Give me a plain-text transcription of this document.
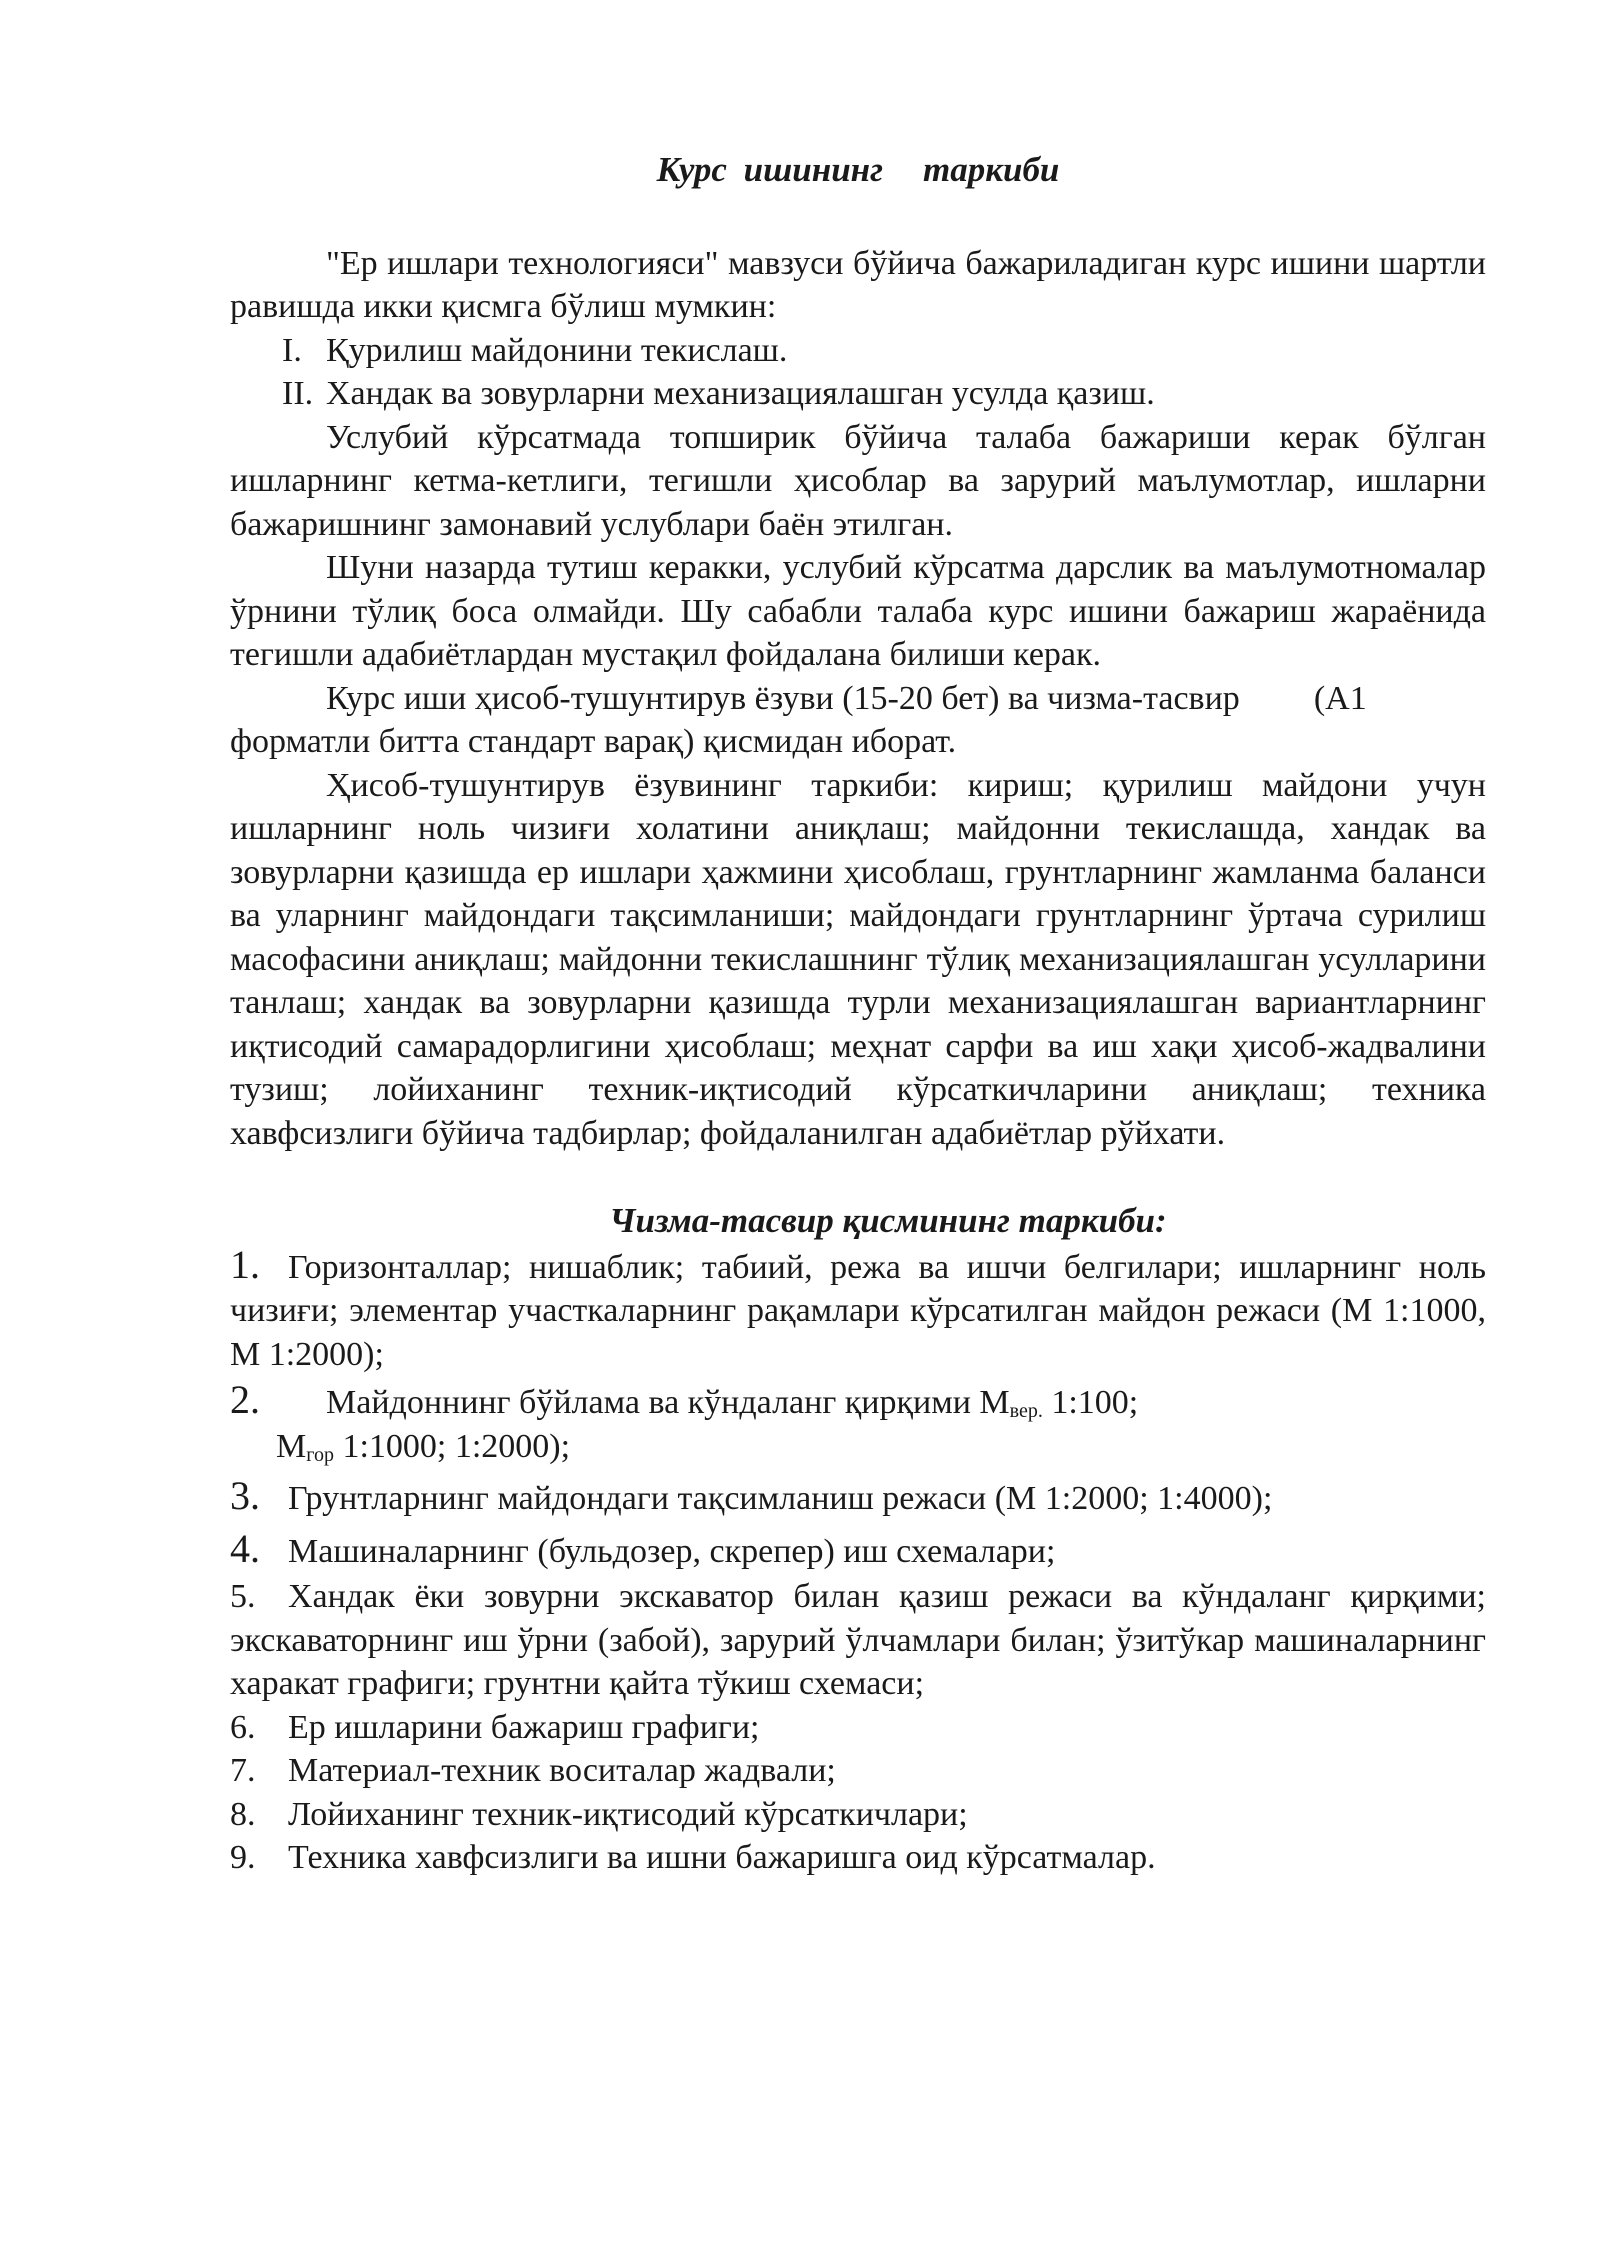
Курс ишининг таркиби

"Ер ишлари технологияси" мавзуси бўйича бажариладиган курс ишини шартли равишда икки қисмга бўлиш мумкин:

I. Қурилиш майдонини текислаш.
II. Хандак ва зовурларни механизациялашган усулда қазиш.

Услубий кўрсатмада топширик бўйича талаба бажариши керак бўлган ишларнинг кетма-кетлиги, тегишли ҳисоблар ва зарурий маълумотлар, ишларни бажаришнинг замонавий услублари баён этилган.

Шуни назарда тутиш керакки, услубий кўрсатма дарслик ва маълумотномалар ўрнини тўлиқ боса олмайди. Шу сабабли талаба курс ишини бажариш жараёнида тегишли адабиётлардан мустақил фойдалана билиши керак.

Курс иши ҳисоб-тушунтирув ёзуви (15-20 бет) ва чизма-тасвир (А1

форматли битта стандарт варақ) қисмидан иборат.

Ҳисоб-тушунтирув ёзувининг таркиби: кириш; қурилиш майдони учун ишларнинг ноль чизиғи холатини аниқлаш; майдонни текислашда, хандак ва зовурларни қазишда ер ишлари ҳажмини ҳисоблаш, грунтларнинг жамланма баланси ва уларнинг майдондаги тақсимланиши; майдондаги грунтларнинг ўртача сурилиш масофасини аниқлаш; майдонни текислашнинг тўлиқ механизациялашган усулларини танлаш; хандак ва зовурларни қазишда турли механизациялашган вариантларнинг иқтисодий самарадорлигини ҳисоблаш; меҳнат сарфи ва иш хақи ҳисоб-жадвалини тузиш; лойиханинг техник-иқтисодий кўрсаткичларини аниқлаш; техника хавфсизлиги бўйича тадбирлар; фойдаланилган адабиётлар рўйхати.

Чизма-тасвир қисмининг таркиби:
1. Горизонталлар; нишаблик; табиий, режа ва ишчи белгилари; ишларнинг ноль чизиғи; элементар участкаларнинг рақамлари кўрсатилган майдон режаси (М 1:1000, М 1:2000);
2. Майдоннинг бўйлама ва кўндаланг қирқими $М_{вер.}$ 1:100;
$М_{гор}$ 1:1000; 1:2000);
3. Грунтларнинг майдондаги тақсимланиш режаси (М 1:2000; 1:4000);
4. Машиналарнинг (бульдозер, скрепер) иш схемалари;
5. Хандак ёки зовурни экскаватор билан қазиш режаси ва кўндаланг қирқими; экскаваторнинг иш ўрни (забой), зарурий ўлчамлари билан; ўзитўкар машиналарнинг харакат графиги; грунтни қайта тўкиш схемаси;
6. Ер ишларини бажариш графиги;
7. Материал-техник воситалар жадвали;
8. Лойиханинг техник-иқтисодий кўрсаткичлари;
9. Техника хавфсизлиги ва ишни бажаришга оид кўрсатмалар.
